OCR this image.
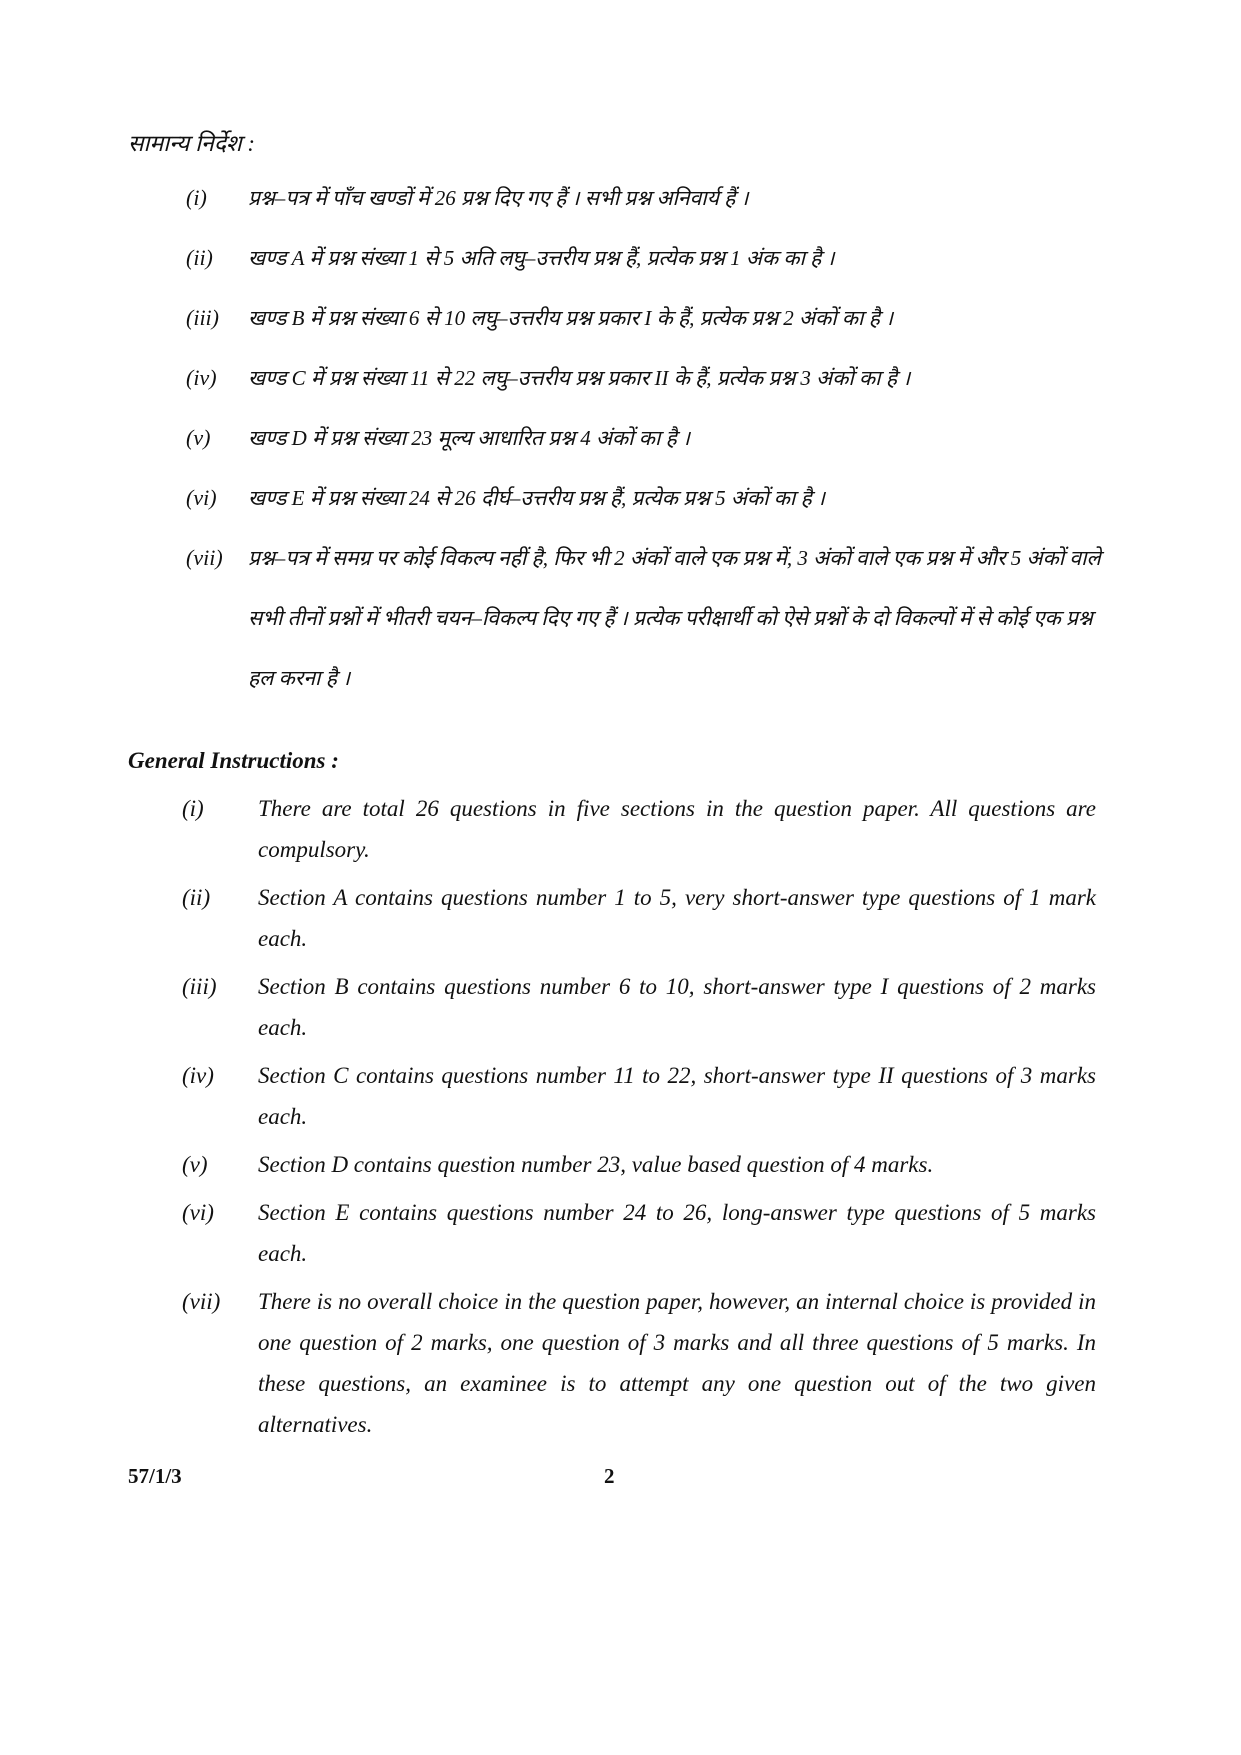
सामान्य निर्देश :
(i)	प्रश्न–पत्र में पाँच खण्डों में 26 प्रश्न दिए गए हैं । सभी प्रश्न अनिवार्य हैं ।
(ii)	खण्ड A में प्रश्न संख्या 1 से 5 अति लघु–उत्तरीय प्रश्न हैं, प्रत्येक प्रश्न 1 अंक का है ।
(iii)	खण्ड B में प्रश्न संख्या 6 से 10 लघु–उत्तरीय प्रश्न प्रकार I के हैं, प्रत्येक प्रश्न 2 अंकों का है ।
(iv)	खण्ड C में प्रश्न संख्या 11 से 22 लघु–उत्तरीय प्रश्न प्रकार II के हैं, प्रत्येक प्रश्न 3 अंकों का है ।
(v)	खण्ड D में प्रश्न संख्या 23 मूल्य आधारित प्रश्न 4 अंकों का है ।
(vi)	खण्ड E में प्रश्न संख्या 24 से 26 दीर्घ–उत्तरीय प्रश्न हैं, प्रत्येक प्रश्न 5 अंकों का है ।
(vii)	प्रश्न–पत्र में समग्र पर कोई विकल्प नहीं है, फिर भी 2 अंकों वाले एक प्रश्न में, 3 अंकों वाले एक प्रश्न में और 5 अंकों वाले सभी तीनों प्रश्नों में भीतरी चयन–विकल्प दिए गए हैं । प्रत्येक परीक्षार्थी को ऐसे प्रश्नों के दो विकल्पों में से कोई एक प्रश्न हल करना है ।
General Instructions :
(i)	There are total 26 questions in five sections in the question paper. All questions are compulsory.
(ii)	Section A contains questions number 1 to 5, very short-answer type questions of 1 mark each.
(iii)	Section B contains questions number 6 to 10, short-answer type I questions of 2 marks each.
(iv)	Section C contains questions number 11 to 22, short-answer type II questions of 3 marks each.
(v)	Section D contains question number 23, value based question of 4 marks.
(vi)	Section E contains questions number 24 to 26, long-answer type questions of 5 marks each.
(vii)	There is no overall choice in the question paper, however, an internal choice is provided in one question of 2 marks, one question of 3 marks and all three questions of 5 marks. In these questions, an examinee is to attempt any one question out of the two given alternatives.
57/1/3	2
